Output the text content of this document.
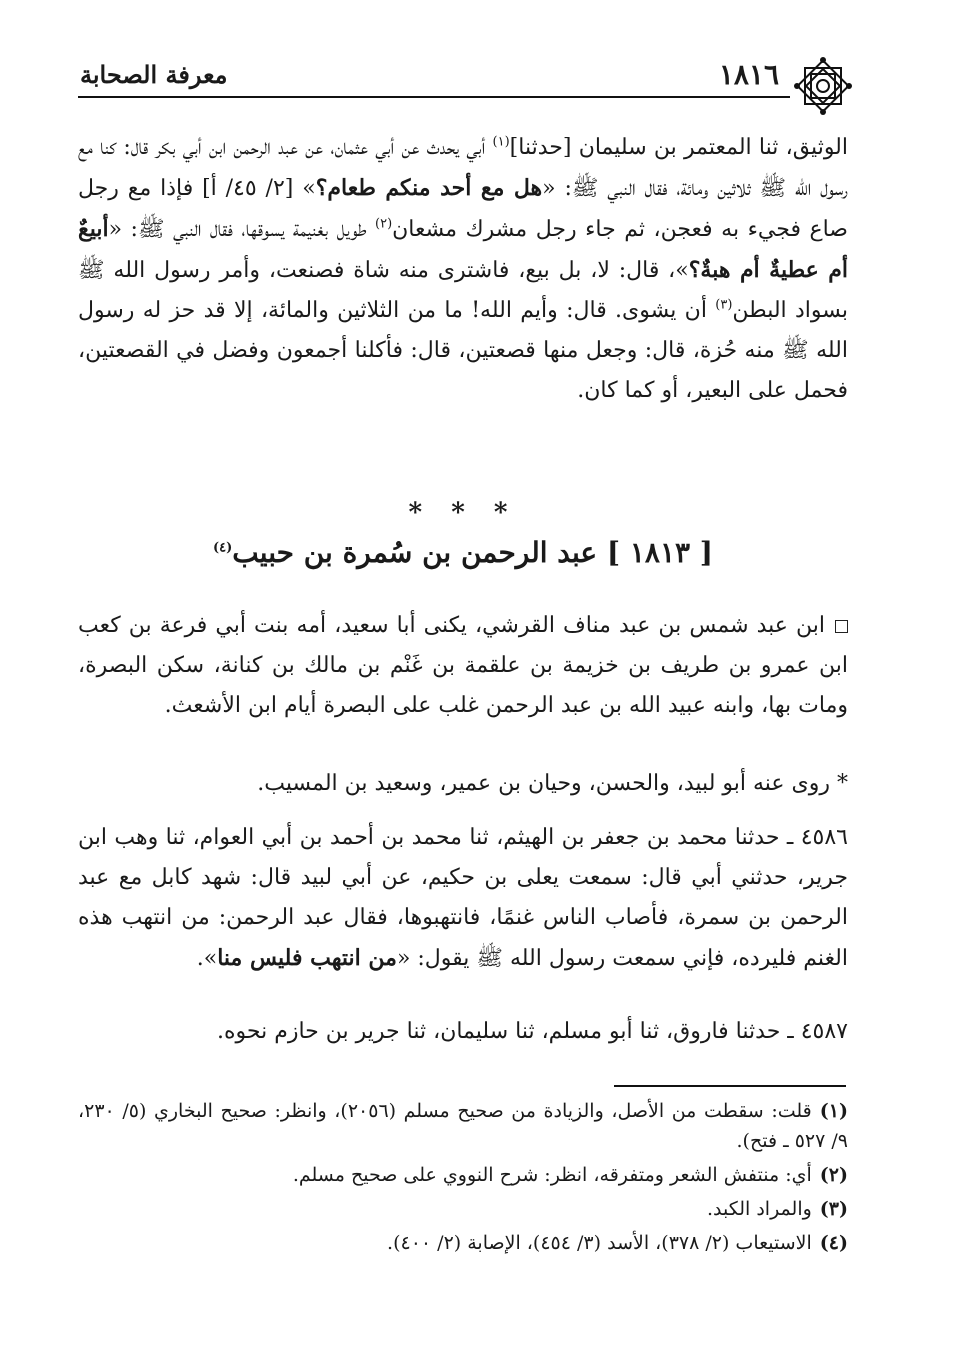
معرفة الصحابة	١٨١٦

الوثيق، ثنا المعتمر بن سليمان [حدثنا]$^{(١)}$ أبي يحدث عن أبي عثمان، عن عبد الرحمن ابن أبي بكر قال: كنا مع رسول الله ﷺ ثلاثين ومائة، فقال النبي ﷺ: «هل مع أحد منكم طعام؟» [٢/ ٤٥/ أ] فإذا مع رجل صاع فجيء به فعجن، ثم جاء رجل مشرك مشعان$^{(٢)}$ طويل بغنيمة يسوقها، فقال النبي ﷺ: «أبيعٌ أم عطيةٌ أم هبةٌ؟»، قال: لا، بل بيع، فاشترى منه شاة فصنعت، وأمر رسول الله ﷺ بسواد البطن$^{(٣)}$ أن يشوى. قال: وأيم الله! ما من الثلاثين والمائة، إلا قد حز له رسول الله ﷺ منه حُزة، قال: وجعل منها قصعتين، قال: فأكلنا أجمعون وفضل في القصعتين، فحمل على البعير، أو كما كان.

* * *
[ ١٨١٣ ] عبد الرحمن بن سُمرة بن حبيب$^{(٤)}$

ابن عبد شمس بن عبد مناف القرشي، يكنى أبا سعيد، أمه بنت أبي فرعة بن كعب ابن عمرو بن طريف بن خزيمة بن علقمة بن غَنْم بن مالك بن كنانة، سكن البصرة، ومات بها، وابنه عبيد الله بن عبد الرحمن غلب على البصرة أيام ابن الأشعث.

* روى عنه أبو لبيد، والحسن، وحيان بن عمير، وسعيد بن المسيب.

٤٥٨٦ ـ حدثنا محمد بن جعفر بن الهيثم، ثنا محمد بن أحمد بن أبي العوام، ثنا وهب ابن جرير، حدثني أبي قال: سمعت يعلى بن حكيم، عن أبي لبيد قال: شهد كابل مع عبد الرحمن بن سمرة، فأصاب الناس غنمًا، فانتهبوها، فقال عبد الرحمن: من انتهب هذه الغنم فليرده، فإني سمعت رسول الله ﷺ يقول: «من انتهب فليس منا».

٤٥٨٧ ـ حدثنا فاروق، ثنا أبو مسلم، ثنا سليمان، ثنا جرير بن حازم نحوه.

(١)قلت: سقطت من الأصل، والزيادة من صحيح مسلم (٢٠٥٦)، وانظر: صحيح البخاري (٥/ ٢٣٠، ٩/ ٥٢٧ ـ فتح).

(٢)أي: منتفش الشعر ومتفرقه، انظر: شرح النووي على صحيح مسلم.

(٣)والمراد الكبد.

(٤)الاستيعاب (٢/ ٣٧٨)، الأسد (٣/ ٤٥٤)، الإصابة (٢/ ٤٠٠).
